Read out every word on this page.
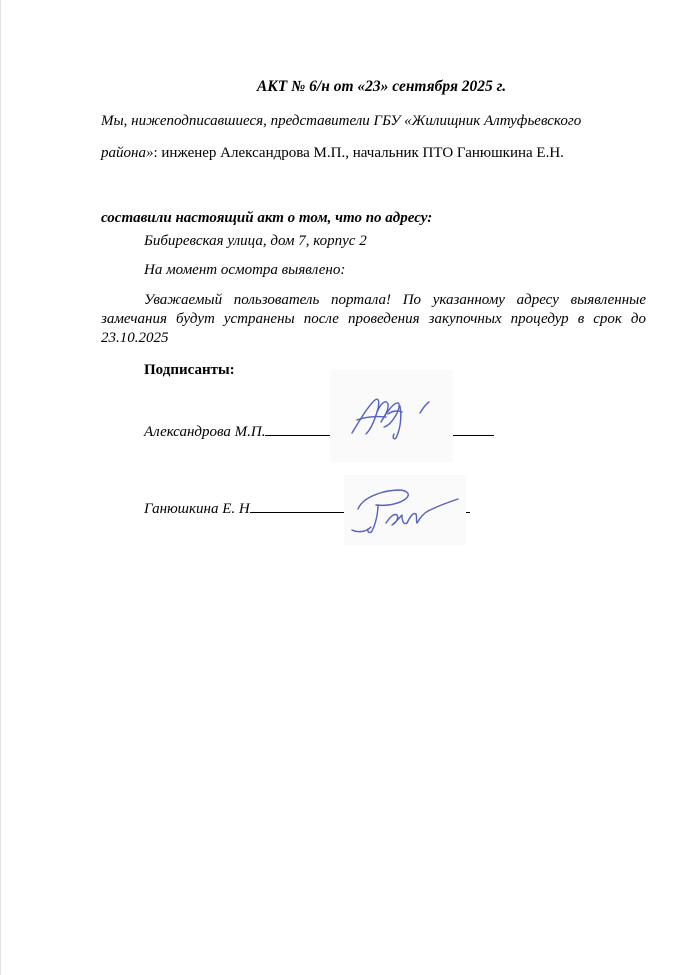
АКТ № 6/н от «23» сентября 2025 г.
Мы, нижеподписавшиеся, представители ГБУ «Жилищник Алтуфьевского
района»: инженер Александрова М.П., начальник ПТО Ганюшкина Е.Н.
составили настоящий акт о том, что по адресу:
Бибиревская улица, дом 7, корпус 2
На момент осмотра выявлено:
Уважаемый пользователь портала! По указанному адресу выявленные замечания будут устранены после проведения закупочных процедур в срок до 23.10.2025
Подписанты:
Александрова М.П.
Ганюшкина Е. Н
